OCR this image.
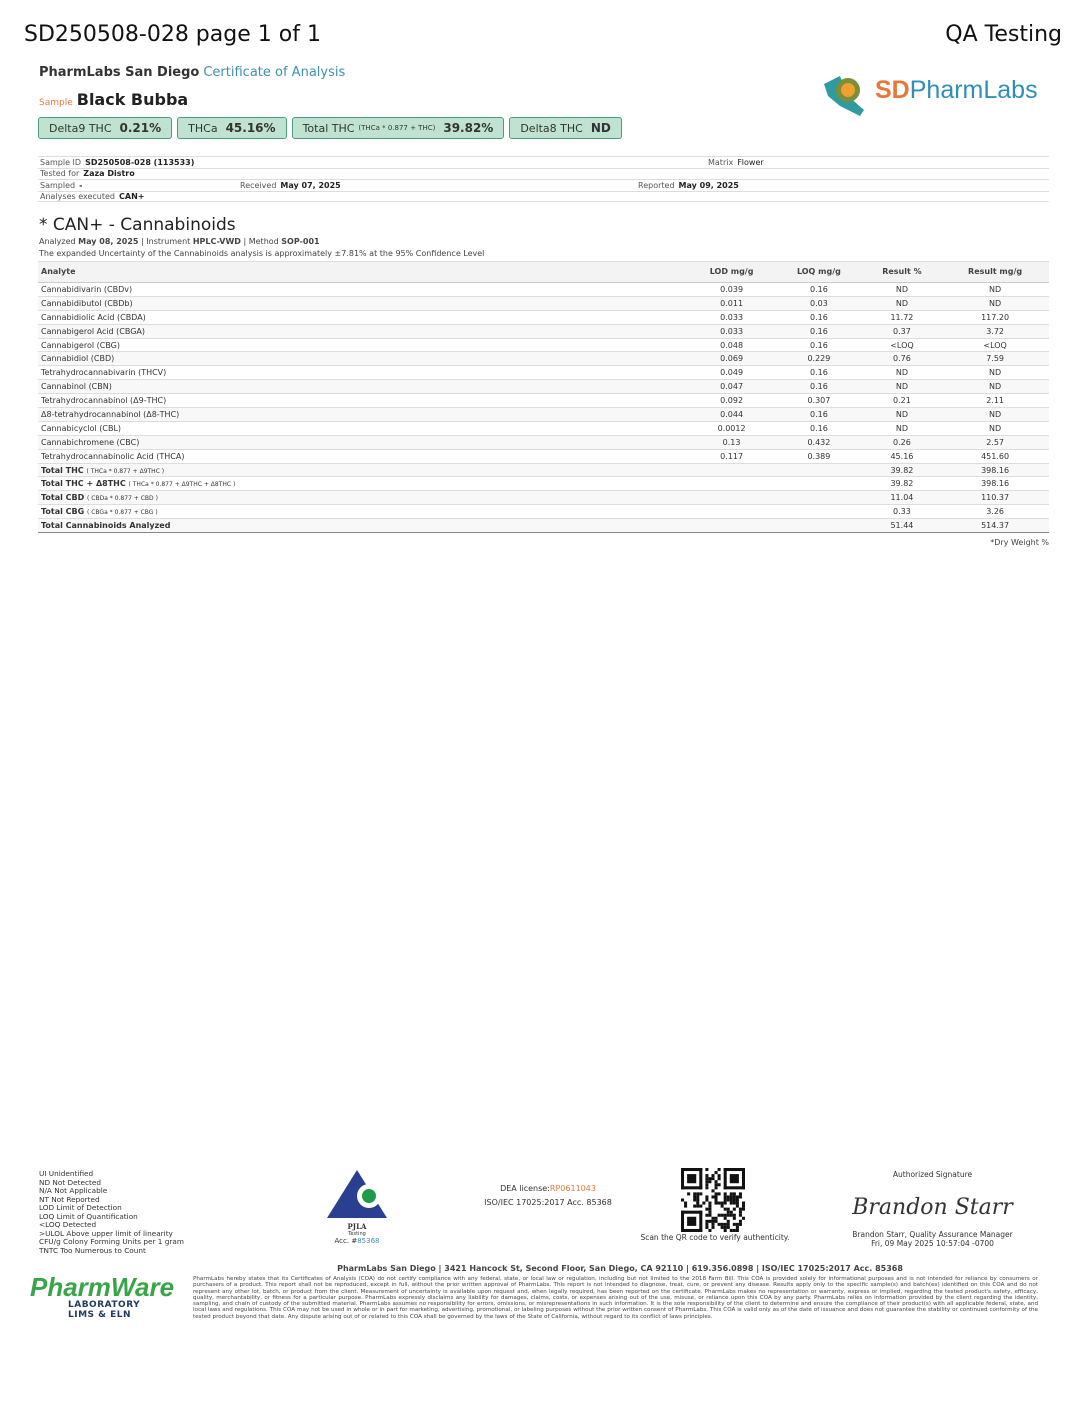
SD250508-028 page 1 of 1	QA Testing
PharmLabs San Diego Certificate of Analysis
Sample Black Bubba	SDPharmLabs
Delta9 THC 0.21% THCa 45.16% Total THC (THCa * 0.877 + THC) 39.82% Delta8 THC ND
Sample ID SD250508-028 (113533)	Matrix Flower
Tested for Zaza Distro
Sampled -	Received May 07, 2025	Reported May 09, 2025
Analyses executed CAN+
* CAN+ - Cannabinoids
Analyzed May 08, 2025 | Instrument HPLC-VWD | Method SOP-001
The expanded Uncertainty of the Cannabinoids analysis is approximately ±7.81% at the 95% Confidence Level
Analyte	LOD mg/g	LOQ mg/g	Result %	Result mg/g
Cannabidivarin (CBDv)	0.039	0.16	ND	ND
Cannabidibutol (CBDb)	0.011	0.03	ND	ND
Cannabidiolic Acid (CBDA)	0.033	0.16	11.72	117.20
Cannabigerol Acid (CBGA)	0.033	0.16	0.37	3.72
Cannabigerol (CBG)	0.048	0.16	<LOQ	<LOQ
Cannabidiol (CBD)	0.069	0.229	0.76	7.59
Tetrahydrocannabivarin (THCV)	0.049	0.16	ND	ND
Cannabinol (CBN)	0.047	0.16	ND	ND
Tetrahydrocannabinol (Δ9-THC)	0.092	0.307	0.21	2.11
Δ8-tetrahydrocannabinol (Δ8-THC)	0.044	0.16	ND	ND
Cannabicyclol (CBL)	0.0012	0.16	ND	ND
Cannabichromene (CBC)	0.13	0.432	0.26	2.57
Tetrahydrocannabinolic Acid (THCA)	0.117	0.389	45.16	451.60
Total THC ( THCa * 0.877 + Δ9THC )			39.82	398.16
Total THC + Δ8THC ( THCa * 0.877 + Δ9THC + Δ8THC )			39.82	398.16
Total CBD ( CBDa * 0.877 + CBD )			11.04	110.37
Total CBG ( CBGa * 0.877 + CBG )			0.33	3.26
Total Cannabinoids Analyzed			51.44	514.37
*Dry Weight %
UI Unidentified
ND Not Detected
N/A Not Applicable
NT Not Reported
LOD Limit of Detection
LOQ Limit of Quantification
<LOQ Detected
>ULOL Above upper limit of linearity
CFU/g Colony Forming Units per 1 gram
TNTC Too Numerous to Count
PJLA
Testing
Acc. #85368
DEA license:RP0611043
ISO/IEC 17025:2017 Acc. 85368
Scan the QR code to verify authenticity.
Authorized Signature
Brandon Starr
Brandon Starr, Quality Assurance Manager
Fri, 09 May 2025 10:57:04 -0700
PharmLabs San Diego | 3421 Hancock St, Second Floor, San Diego, CA 92110 | 619.356.0898 | ISO/IEC 17025:2017 Acc. 85368
PharmLabs hereby states that its Certificates of Analysis (COA) do not certify compliance with any federal, state, or local law or regulation, including but not limited to the 2018 Farm Bill. This COA is provided solely for informational purposes and is not intended for reliance by consumers or purchasers of a product. This report shall not be reproduced, except in full, without the prior written approval of PharmLabs. This report is not intended to diagnose, treat, cure, or prevent any disease. Results apply only to the specific sample(s) and batch(es) identified on this COA and do not represent any other lot, batch, or product from the client. Measurement of uncertainty is available upon request and, when legally required, has been reported on the certificate. PharmLabs makes no representation or warranty, express or implied, regarding the tested product's safety, efficacy, quality, merchantability, or fitness for a particular purpose. PharmLabs expressly disclaims any liability for damages, claims, costs, or expenses arising out of the use, misuse, or reliance upon this COA by any party. PharmLabs relies on information provided by the client regarding the identity, sampling, and chain of custody of the submitted material. PharmLabs assumes no responsibility for errors, omissions, or misrepresentations in such information. It is the sole responsibility of the client to determine and ensure the compliance of their product(s) with all applicable federal, state, and local laws and regulations. This COA may not be used in whole or in part for marketing, advertising, promotional, or labeling purposes without the prior written consent of PharmLabs. This COA is valid only as of the date of issuance and does not guarantee the stability or continued conformity of the tested product beyond that date. Any dispute arising out of or related to this COA shall be governed by the laws of the State of California, without regard to its conflict of laws principles.
PharmWare
LABORATORY LIMS & ELN
